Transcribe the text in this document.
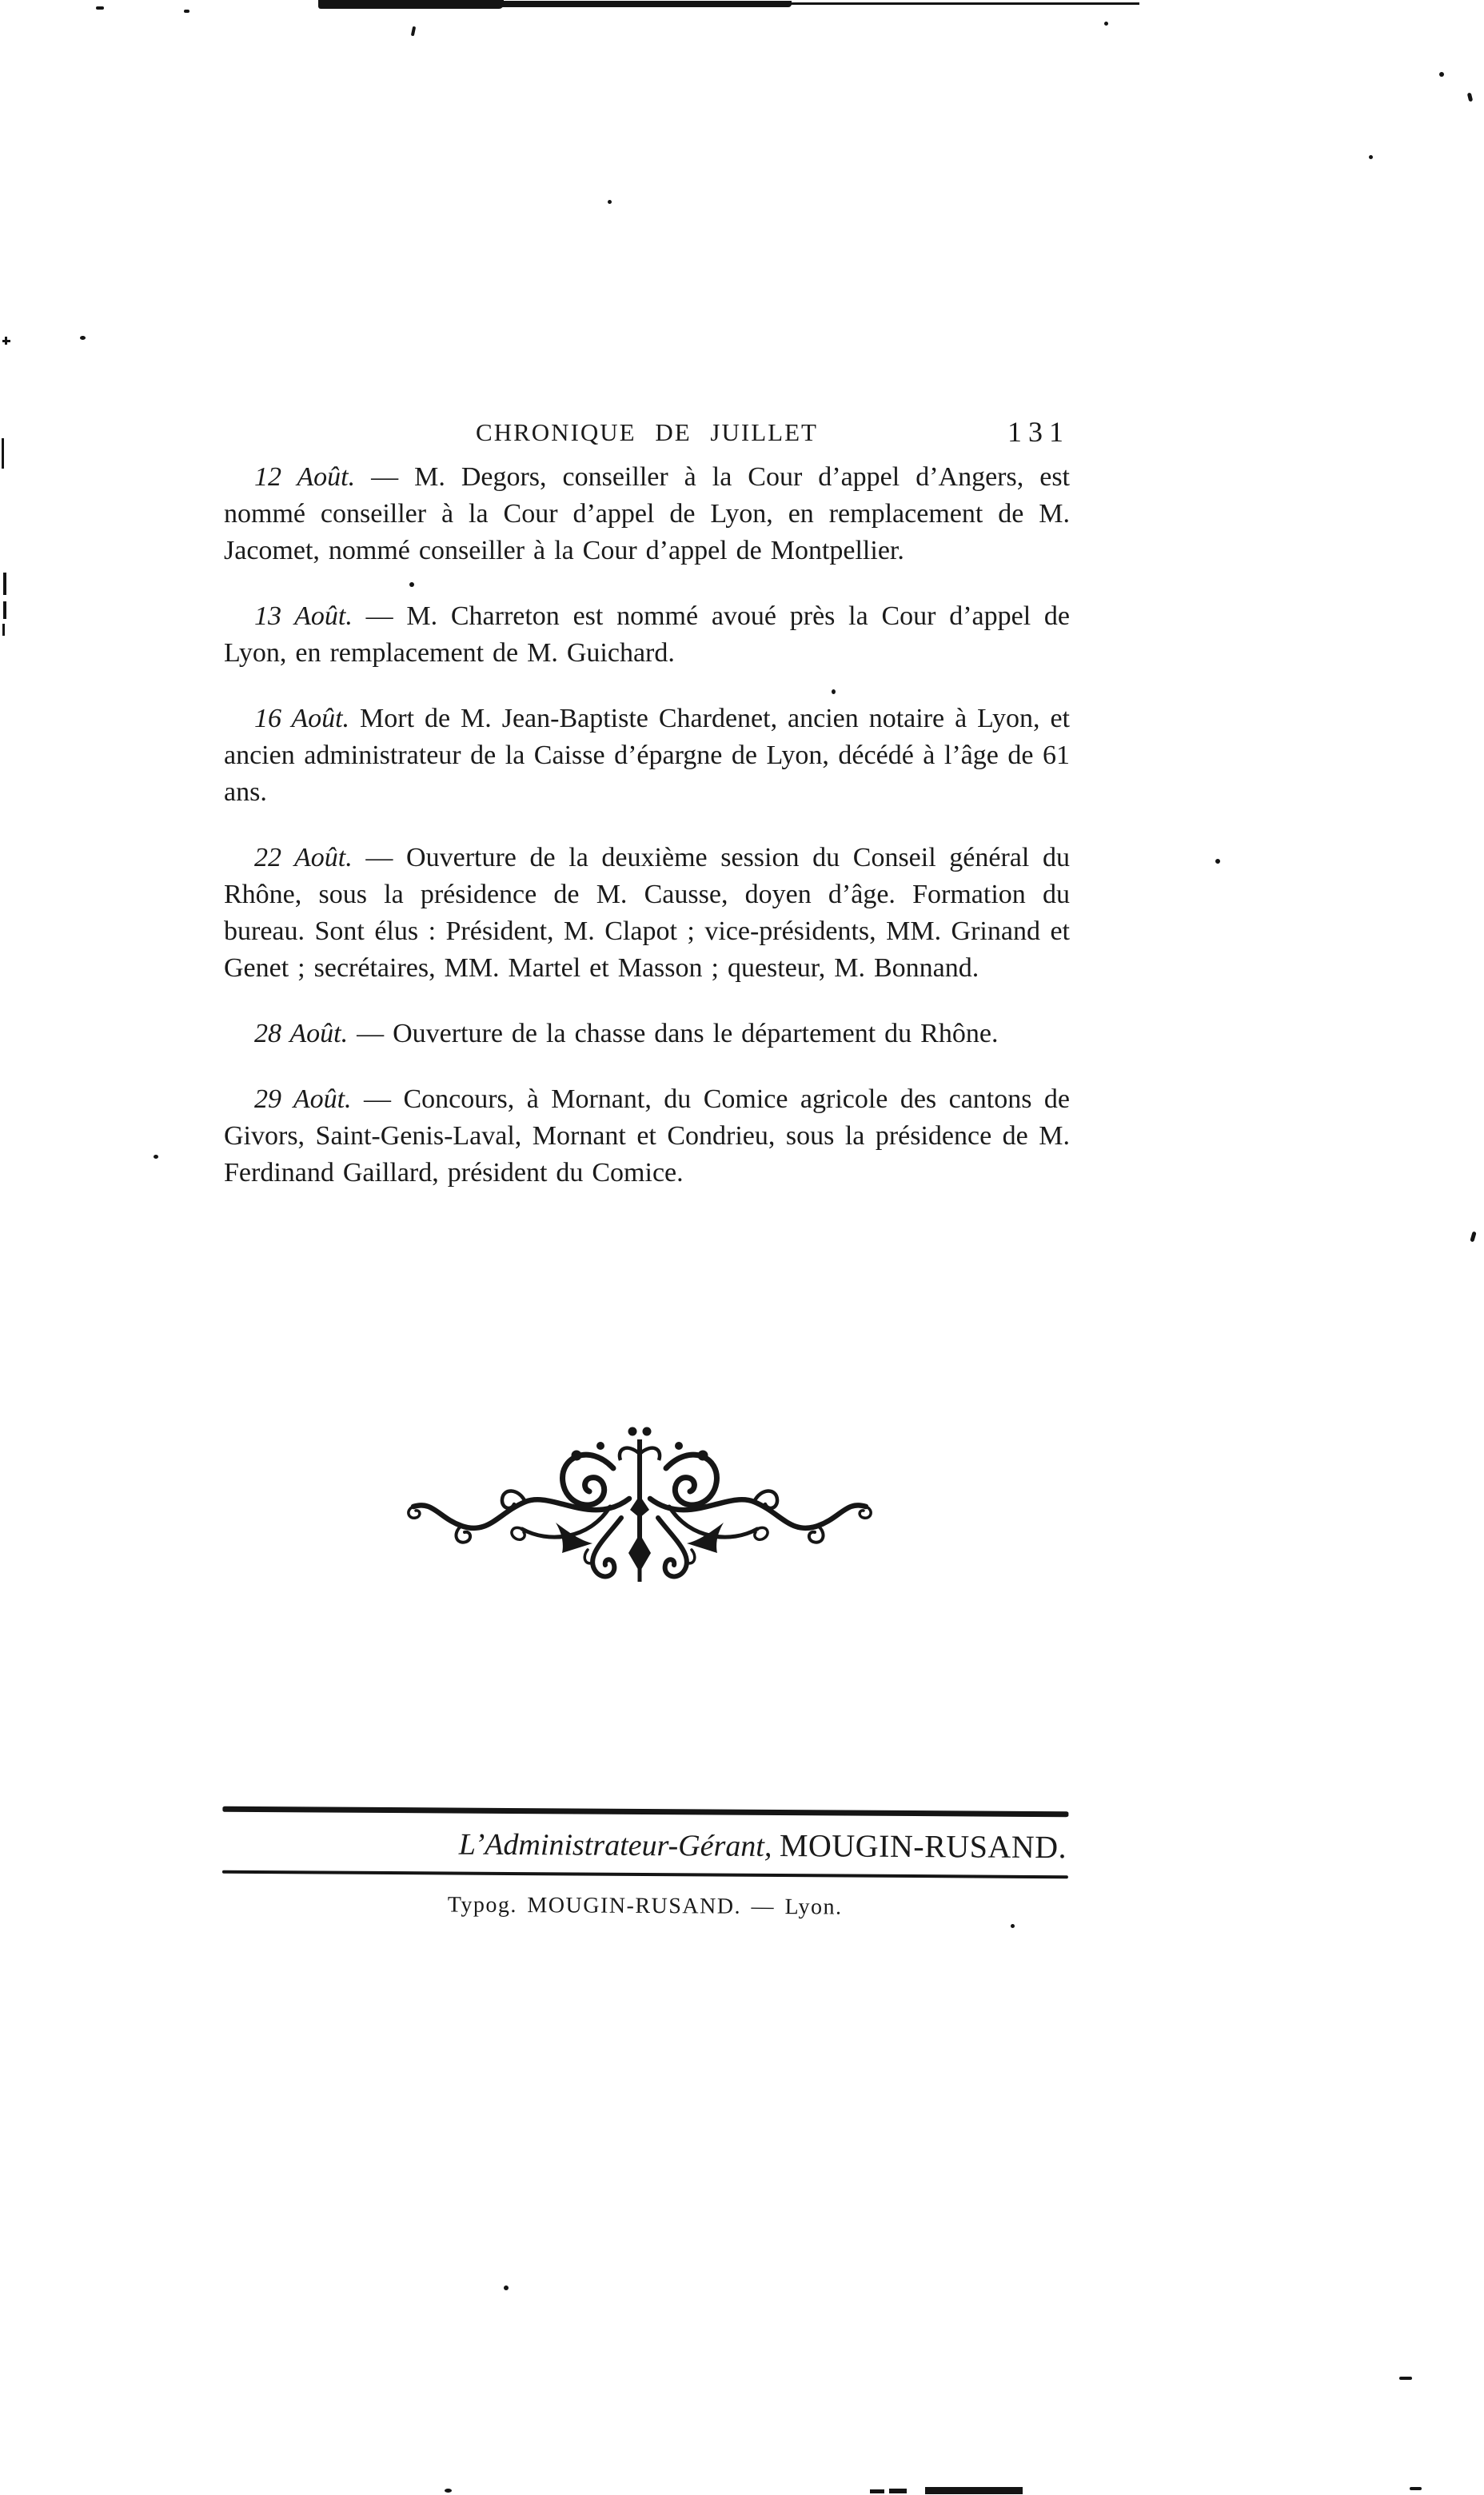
CHRONIQUE DE JUILLET	131

12 Août. — M. Degors, conseiller à la Cour d’appel d’Angers, est nommé conseiller à la Cour d’appel de Lyon, en remplacement de M. Jacomet, nommé conseiller à la Cour d’appel de Montpellier.

13 Août. — M. Charreton est nommé avoué près la Cour d’appel de Lyon, en remplacement de M. Guichard.

16 Août. Mort de M. Jean-Baptiste Chardenet, ancien notaire à Lyon, et ancien administrateur de la Caisse d’épargne de Lyon, décédé à l’âge de 61 ans.

22 Août. — Ouverture de la deuxième session du Conseil général du Rhône, sous la présidence de M. Causse, doyen d’âge. Formation du bureau. Sont élus : Président, M. Clapot ; vice-présidents, MM. Grinand et Genet ; secrétaires, MM. Martel et Masson ; questeur, M. Bonnand.

28 Août. — Ouverture de la chasse dans le département du Rhône.

29 Août. — Concours, à Mornant, du Comice agricole des cantons de Givors, Saint-Genis-Laval, Mornant et Condrieu, sous la présidence de M. Ferdinand Gaillard, président du Comice.

L’Administrateur-Gérant, MOUGIN-RUSAND.
Typog. MOUGIN-RUSAND. — Lyon.
